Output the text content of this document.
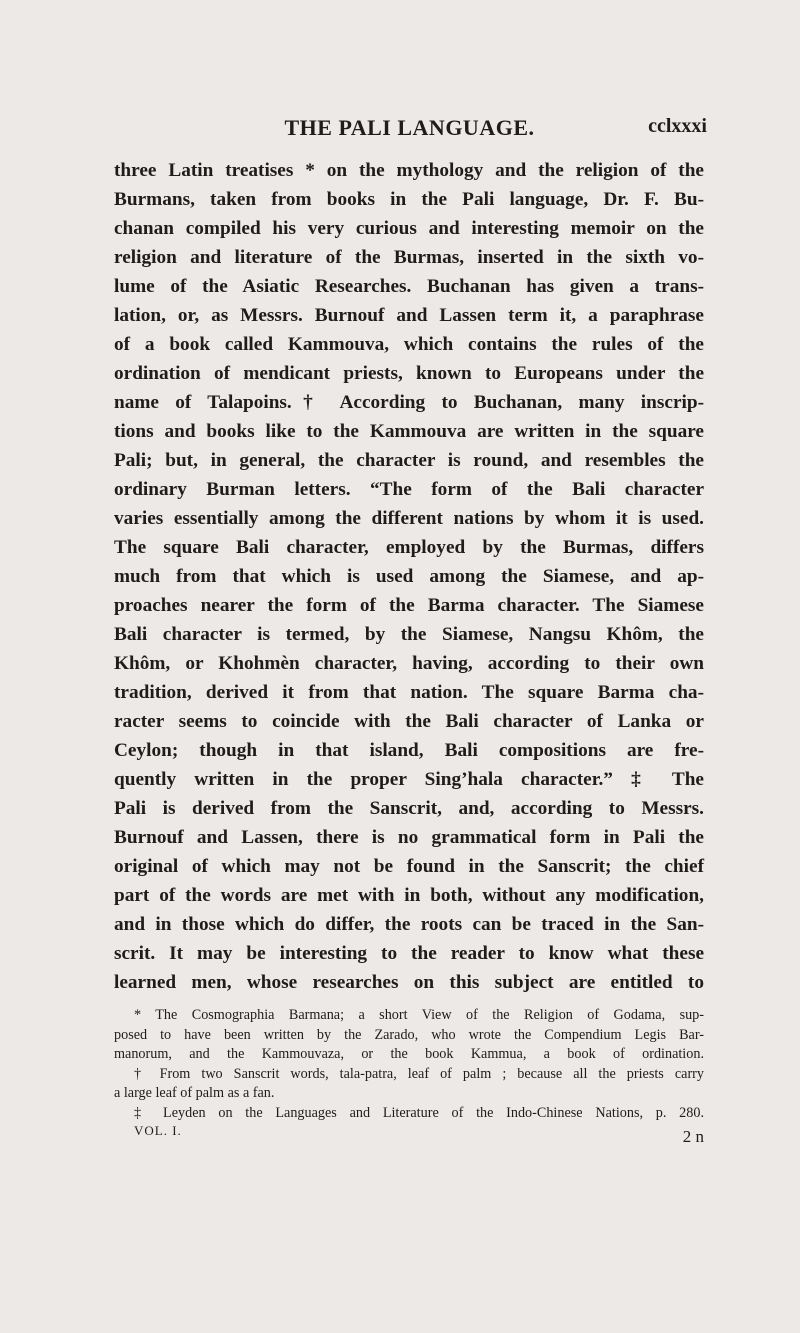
THE PALI LANGUAGE.	cclxxxi
three Latin treatises * on the mythology and the religion of the
Burmans, taken from books in the Pali language, Dr. F. Bu-
chanan compiled his very curious and interesting memoir on the
religion and literature of the Burmas, inserted in the sixth vo-
lume of the Asiatic Researches. Buchanan has given a trans-
lation, or, as Messrs. Burnouf and Lassen term it, a paraphrase
of a book called Kammouva, which contains the rules of the
ordination of mendicant priests, known to Europeans under the
name of Talapoins.† According to Buchanan, many inscrip-
tions and books like to the Kammouva are written in the square
Pali; but, in general, the character is round, and resembles the
ordinary Burman letters. “The form of the Bali character
varies essentially among the different nations by whom it is used.
The square Bali character, employed by the Burmas, differs
much from that which is used among the Siamese, and ap-
proaches nearer the form of the Barma character. The Siamese
Bali character is termed, by the Siamese, Nangsu Khôm, the
Khôm, or Khohmèn character, having, according to their own
tradition, derived it from that nation. The square Barma cha-
racter seems to coincide with the Bali character of Lanka or
Ceylon; though in that island, Bali compositions are fre-
quently written in the proper Sing’hala character.” ‡ The
Pali is derived from the Sanscrit, and, according to Messrs.
Burnouf and Lassen, there is no grammatical form in Pali the
original of which may not be found in the Sanscrit; the chief
part of the words are met with in both, without any modification,
and in those which do differ, the roots can be traced in the San-
scrit. It may be interesting to the reader to know what these
learned men, whose researches on this subject are entitled to
* The Cosmographia Barmana; a short View of the Religion of Godama, sup-
posed to have been written by the Zarado, who wrote the Compendium Legis Bar-
manorum, and the Kammouvaza, or the book Kammua, a book of ordination.
† From two Sanscrit words, tala-patra, leaf of palm ; because all the priests carry
a large leaf of palm as a fan.
‡ Leyden on the Languages and Literature of the Indo-Chinese Nations, p. 280.
VOL. I.	2 n
